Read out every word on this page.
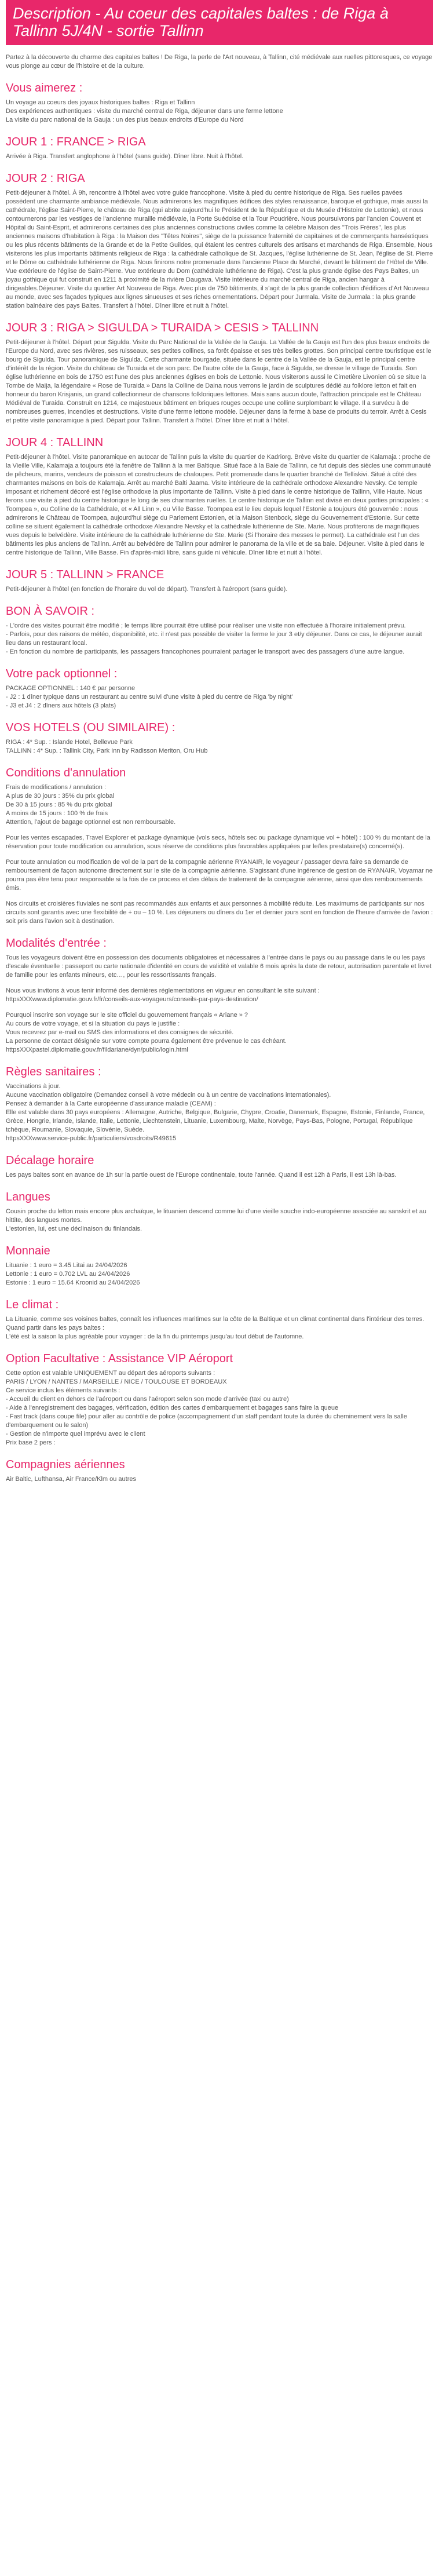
Description - Au coeur des capitales baltes : de Riga à Tallinn 5J/4N - sortie Tallinn

Partez à la découverte du charme des capitales baltes ! De Riga, la perle de l'Art nouveau, à Tallinn, cité médiévale aux ruelles pittoresques, ce voyage vous plonge au cœur de l'histoire et de la culture.

Vous aimerez :

Un voyage au coeurs des joyaux historiques baltes : Riga et Tallinn

Des expériences authentiques : visite du marché central de Riga, déjeuner dans une ferme lettone

La visite du parc national de la Gauja : un des plus beaux endroits d'Europe du Nord

JOUR 1 : FRANCE > RIGA

Arrivée à Riga. Transfert anglophone à l'hôtel (sans guide). Dîner libre. Nuit à l'hôtel.

JOUR 2 : RIGA

Petit-déjeuner à l'hôtel. À 9h, rencontre à l'hôtel avec votre guide francophone. Visite à pied du centre historique de Riga. Ses ruelles pavées possèdent une charmante ambiance médiévale. Nous admirerons les magnifiques édifices des styles renaissance, baroque et gothique, mais aussi la cathédrale, l'église Saint-Pierre, le château de Riga (qui abrite aujourd'hui le Président de la République et du Musée d'Histoire de Lettonie), et nous contournerons par les vestiges de l'ancienne muraille médiévale, la Porte Suédoise et la Tour Poudrière. Nous poursuivrons par l'ancien Couvent et Hôpital du Saint-Esprit, et admirerons certaines des plus anciennes constructions civiles comme la célèbre Maison des "Trois Frères", les plus anciennes maisons d'habitation à Riga : la Maison des "Têtes Noires", siège de la puissance fraternité de capitaines et de commerçants hanséatiques ou les plus récents bâtiments de la Grande et de la Petite Guildes, qui étaient les centres culturels des artisans et marchands de Riga. Ensemble, Nous visiterons les plus importants bâtiments religieux de Riga : la cathédrale catholique de St. Jacques, l'église luthérienne de St. Jean, l'église de St. Pierre et le Dôme ou cathédrale luthérienne de Riga. Nous finirons notre promenade dans l'ancienne Place du Marché, devant le bâtiment de l'Hôtel de Ville. Vue extérieure de l'église de Saint-Pierre. Vue extérieure du Dom (cathédrale luthérienne de Riga). C'est la plus grande église des Pays Baltes, un joyau gothique qui fut construit en 1211 à proximité de la rivière Daugava. Visite intérieure du marché central de Riga, ancien hangar à dirigeables.Déjeuner. Visite du quartier Art Nouveau de Riga. Avec plus de 750 bâtiments, il s'agit de la plus grande collection d'édifices d'Art Nouveau au monde, avec ses façades typiques aux lignes sinueuses et ses riches ornementations. Départ pour Jurmala. Visite de Jurmala : la plus grande station balnéaire des pays Baltes. Transfert à l'hôtel. Dîner libre et nuit à l'hôtel.

JOUR 3 : RIGA > SIGULDA > TURAIDA > CESIS > TALLINN

Petit-déjeuner à l'hôtel. Départ pour Sigulda. Visite du Parc National de la Vallée de la Gauja. La Vallée de la Gauja est l'un des plus beaux endroits de l'Europe du Nord, avec ses rivières, ses ruisseaux, ses petites collines, sa forêt épaisse et ses très belles grottes. Son principal centre touristique est le bourg de Sigulda. Tour panoramique de Sigulda. Cette charmante bourgade, située dans le centre de la Vallée de la Gauja, est le principal centre d'intérêt de la région. Visite du château de Turaida et de son parc. De l'autre côte de la Gauja, face à Sigulda, se dresse le village de Turaida. Son église luthérienne en bois de 1750 est l'une des plus anciennes églises en bois de Lettonie. Nous visiterons aussi le Cimetière Livonien où se situe la Tombe de Maija, la légendaire « Rose de Turaida » Dans la Colline de Daina nous verrons le jardin de sculptures dédié au folklore letton et fait en honneur du baron Krisjanis, un grand collectionneur de chansons folkloriques lettones. Mais sans aucun doute, l'attraction principale est le Château Médiéval de Turaida. Construit en 1214, ce majestueux bâtiment en briques rouges occupe une colline surplombant le village. Il a survécu à de nombreuses guerres, incendies et destructions. Visite d'une ferme lettone modèle. Déjeuner dans la ferme à base de produits du terroir. Arrêt à Cesis et petite visite panoramique à pied. Départ pour Tallinn. Transfert à l'hôtel. Dîner libre et nuit à l'hôtel.

JOUR 4 : TALLINN

Petit-déjeuner à l'hôtel. Visite panoramique en autocar de Tallinn puis la visite du quartier de Kadriorg. Brève visite du quartier de Kalamaja : proche de la Vieille Ville, Kalamaja a toujours été la fenêtre de Tallinn à la mer Baltique. Situé face à la Baie de Tallinn, ce fut depuis des siècles une communauté de pêcheurs, marins, vendeurs de poisson et constructeurs de chaloupes. Petit promenade dans le quartier branché de Telliskivi. Situé à côté des charmantes maisons en bois de Kalamaja. Arrêt au marché Balti Jaama. Visite intérieure de la cathédrale orthodoxe Alexandre Nevsky. Ce temple imposant et richement décoré est l'église orthodoxe la plus importante de Tallinn. Visite à pied dans le centre historique de Tallinn, Ville Haute. Nous ferons une visite à pied du centre historique le long de ses charmantes ruelles. Le centre historique de Tallinn est divisé en deux parties principales : « Toompea », ou Colline de la Cathédrale, et « All Linn », ou Ville Basse. Toompea est le lieu depuis lequel l'Estonie a toujours été gouvernée : nous admirerons le Château de Toompea, aujourd'hui siège du Parlement Estonien, et la Maison Stenbock, siège du Gouvernement d'Estonie. Sur cette colline se situent également la cathédrale orthodoxe Alexandre Nevsky et la cathédrale luthérienne de Ste. Marie. Nous profiterons de magnifiques vues depuis le belvédère. Visite intérieure de la cathédrale luthérienne de Ste. Marie (Si l'horaire des messes le permet). La cathédrale est l'un des bâtiments les plus anciens de Tallinn. Arrêt au belvédère de Tallinn pour admirer le panorama de la ville et de sa baie. Déjeuner. Visite à pied dans le centre historique de Tallinn, Ville Basse. Fin d'après-midi libre, sans guide ni véhicule. Dîner libre et nuit à l'hôtel.

JOUR 5 : TALLINN > FRANCE

Petit-déjeuner à l'hôtel (en fonction de l'horaire du vol de départ). Transfert à l'aéroport (sans guide).

BON À SAVOIR :

- L'ordre des visites pourrait être modifié ; le temps libre pourrait être utilisé pour réaliser une visite non effectuée à l'horaire initialement prévu.

- Parfois, pour des raisons de météo, disponibilité, etc. il n'est pas possible de visiter la ferme le jour 3 et/y déjeuner. Dans ce cas, le déjeuner aurait lieu dans un restaurant local.

- En fonction du nombre de participants, les passagers francophones pourraient partager le transport avec des passagers d'une autre langue.

Votre pack optionnel :

PACKAGE OPTIONNEL : 140 € par personne

- J2 : 1 dîner typique dans un restaurant au centre suivi d'une visite à pied du centre de Riga 'by night'

- J3 et J4 : 2 dîners aux hôtels (3 plats)

VOS HOTELS (OU SIMILAIRE) :

RIGA : 4* Sup. : Islande Hotel, Bellevue Park

TALLINN : 4* Sup. : Tallink City, Park Inn by Radisson Meriton, Oru Hub

Conditions d'annulation

Frais de modifications / annulation :

A plus de 30 jours : 35% du prix global

De 30 à 15 jours : 85 % du prix global

A moins de 15 jours : 100 % de frais

Attention, l'ajout de bagage optionnel est non remboursable.

Pour les ventes escapades, Travel Explorer et package dynamique (vols secs, hôtels sec ou package dynamique vol + hôtel) : 100 % du montant de la réservation pour toute modification ou annulation, sous réserve de conditions plus favorables appliquées par le/les prestataire(s) concerné(s).

Pour toute annulation ou modification de vol de la part de la compagnie aérienne RYANAIR, le voyageur / passager devra faire sa demande de remboursement de façon autonome directement sur le site de la compagnie aérienne. S'agissant d'une ingérence de gestion de RYANAIR, Voyamar ne pourra pas être tenu pour responsable si la fois de ce process et des délais de traitement de la compagnie aérienne, ainsi que des remboursements émis.

Nos circuits et croisières fluviales ne sont pas recommandés aux enfants et aux personnes à mobilité réduite. Les maximums de participants sur nos circuits sont garantis avec une flexibilité de + ou – 10 %. Les déjeuners ou dîners du 1er et dernier jours sont en fonction de l'heure d'arrivée de l'avion : soit pris dans l'avion soit à destination.

Modalités d'entrée :

Tous les voyageurs doivent être en possession des documents obligatoires et nécessaires à l'entrée dans le pays ou au passage dans le ou les pays d'escale éventuelle : passeport ou carte nationale d'identité en cours de validité et valable 6 mois après la date de retour, autorisation parentale et livret de famille pour les enfants mineurs, etc…, pour les ressortissants français.

Nous vous invitons à vous tenir informé des dernières réglementations en vigueur en consultant le site suivant : httpsXXXwww.diplomatie.gouv.fr/fr/conseils-aux-voyageurs/conseils-par-pays-destination/

Pourquoi inscrire son voyage sur le site officiel du gouvernement français « Ariane » ?
Au cours de votre voyage, et si la situation du pays le justifie :
Vous recevrez par e-mail ou SMS des informations et des consignes de sécurité.
La personne de contact désignée sur votre compte pourra également être prévenue le cas échéant.
httpsXXXpastel.diplomatie.gouv.fr/fildariane/dyn/public/login.html

Règles sanitaires :

Vaccinations à jour.
Aucune vaccination obligatoire (Demandez conseil à votre médecin ou à un centre de vaccinations internationales).
Pensez à demander à la Carte européenne d'assurance maladie (CEAM) :
Elle est valable dans 30 pays européens : Allemagne, Autriche, Belgique, Bulgarie, Chypre, Croatie, Danemark, Espagne, Estonie, Finlande, France, Grèce, Hongrie, Irlande, Islande, Italie, Lettonie, Liechtenstein, Lituanie, Luxembourg, Malte, Norvège, Pays-Bas, Pologne, Portugal, République tchèque, Roumanie, Slovaquie, Slovénie, Suède.
httpsXXXwww.service-public.fr/particuliers/vosdroits/R49615

Décalage horaire

Les pays baltes sont en avance de 1h sur la partie ouest de l'Europe continentale, toute l'année. Quand il est 12h à Paris, il est 13h là-bas.

Langues

Cousin proche du letton mais encore plus archaïque, le lituanien descend comme lui d'une vieille souche indo-européenne associée au sanskrit et au hittite, des langues mortes.
L'estonien, lui, est une déclinaison du finlandais.

Monnaie

Lituanie : 1 euro = 3.45 Litai au 24/04/2026

Lettonie : 1 euro = 0.702 LVL au 24/04/2026

Estonie : 1 euro = 15.64 Kroonid au 24/04/2026

Le climat :

La Lituanie, comme ses voisines baltes, connaît les influences maritimes sur la côte de la Baltique et un climat continental dans l'intérieur des terres.
Quand partir dans les pays baltes :
L'été est la saison la plus agréable pour voyager : de la fin du printemps jusqu'au tout début de l'automne.

Option Facultative : Assistance VIP Aéroport

Cette option est valable UNIQUEMENT au départ des aéroports suivants :
PARIS / LYON / NANTES / MARSEILLE / NICE / TOULOUSE ET BORDEAUX
Ce service inclus les éléments suivants :
- Accueil du client en dehors de l'aéroport ou dans l'aéroport selon son mode d'arrivée (taxi ou autre)
- Aide à l'enregistrement des bagages, vérification, édition des cartes d'embarquement et bagages sans faire la queue
- Fast track (dans coupe file) pour aller au contrôle de police (accompagnement d'un staff pendant toute la durée du cheminement vers la salle d'embarquement ou le salon)
- Gestion de n'importe quel imprévu avec le client
Prix base 2 pers :

Compagnies aériennes

Air Baltic, Lufthansa, Air France/Klm ou autres
